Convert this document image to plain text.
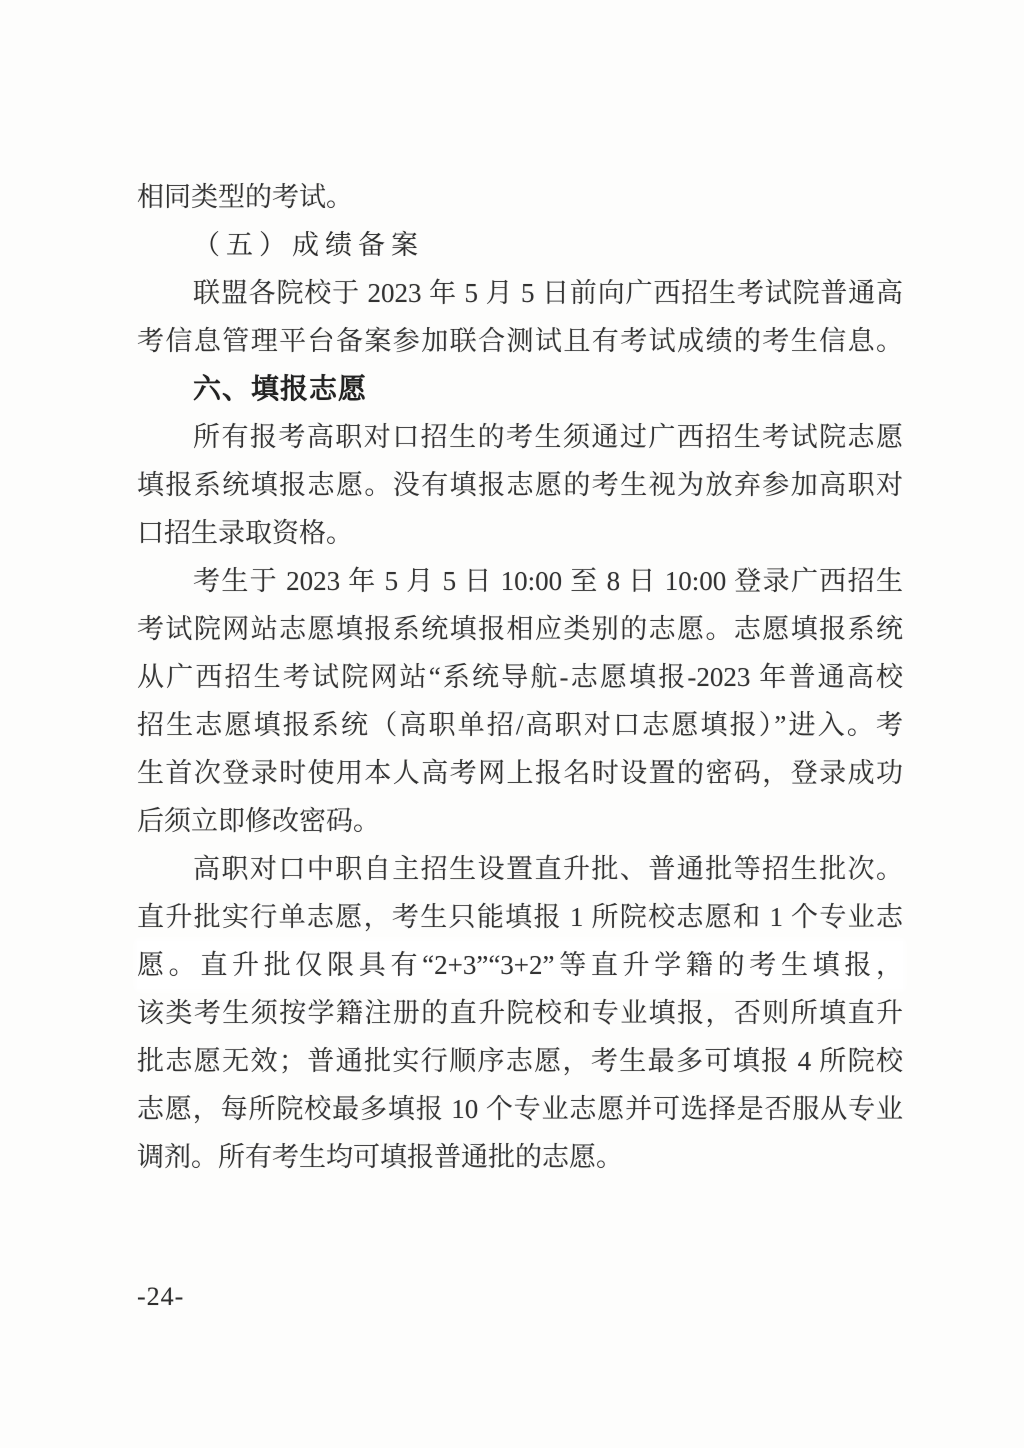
相同类型的考试。
（五）成绩备案
联盟各院校于 2023 年 5 月 5 日前向广西招生考试院普通高
考信息管理平台备案参加联合测试且有考试成绩的考生信息。
六、填报志愿
所有报考高职对口招生的考生须通过广西招生考试院志愿
填报系统填报志愿。没有填报志愿的考生视为放弃参加高职对
口招生录取资格。
考生于 2023 年 5 月 5 日 10:00 至 8 日 10:00 登录广西招生
考试院网站志愿填报系统填报相应类别的志愿。志愿填报系统
从广西招生考试院网站“系统导航-志愿填报-2023 年普通高校
招生志愿填报系统（高职单招/高职对口志愿填报）”进入。考
生首次登录时使用本人高考网上报名时设置的密码，登录成功
后须立即修改密码。
高职对口中职自主招生设置直升批、普通批等招生批次。
直升批实行单志愿，考生只能填报 1 所院校志愿和 1 个专业志
愿。直升批仅限具有“2+3”“3+2”等直升学籍的考生填报，
该类考生须按学籍注册的直升院校和专业填报，否则所填直升
批志愿无效；普通批实行顺序志愿，考生最多可填报 4 所院校
志愿，每所院校最多填报 10 个专业志愿并可选择是否服从专业
调剂。所有考生均可填报普通批的志愿。
-24-
